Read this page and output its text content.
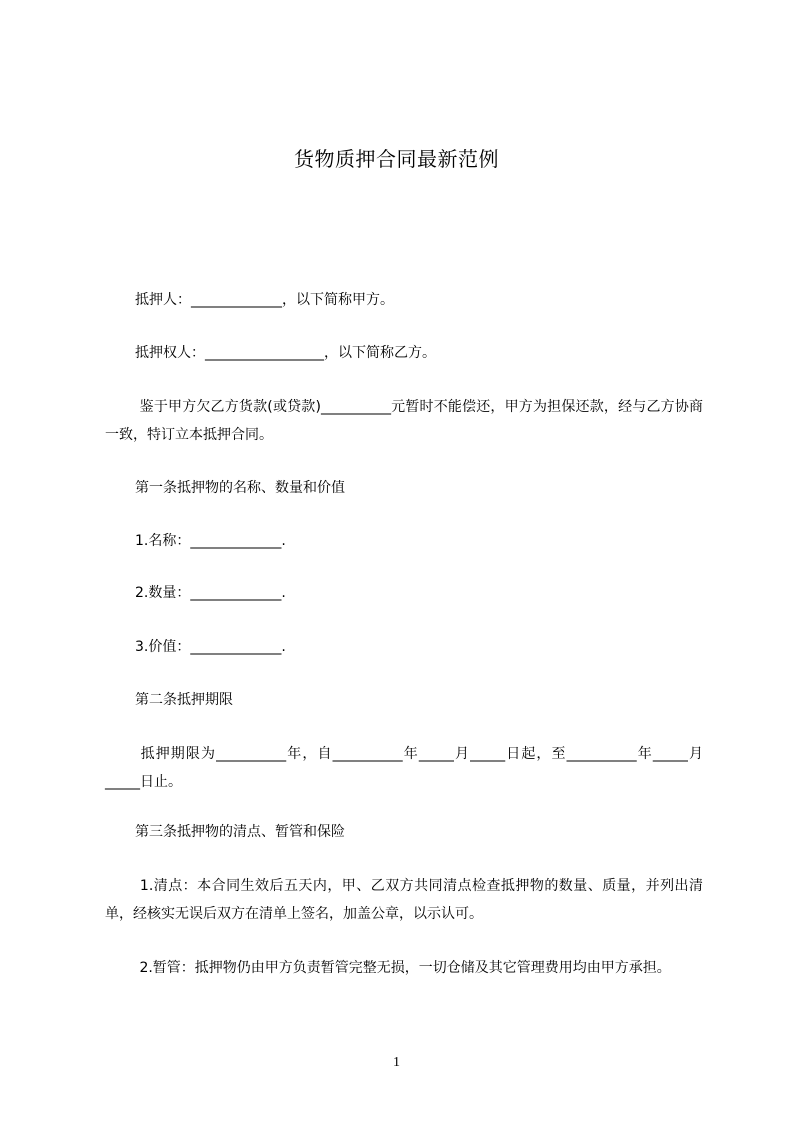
货物质押合同最新范例

抵押人：_____________，以下简称甲方。

抵押权人：_________________，以下简称乙方。

鉴于甲方欠乙方货款(或贷款)__________元暂时不能偿还，甲方为担保还款，经与乙方协商一致，特订立本抵押合同。

第一条抵押物的名称、数量和价值

1.名称：_____________.

2.数量：_____________.

3.价值：_____________.

第二条抵押期限

抵押期限为__________年，自__________年_____月_____日起，至__________年_____月_____日止。

第三条抵押物的清点、暂管和保险

1.清点：本合同生效后五天内，甲、乙双方共同清点检查抵押物的数量、质量，并列出清单，经核实无误后双方在清单上签名，加盖公章，以示认可。

2.暂管：抵押物仍由甲方负责暂管完整无损，一切仓储及其它管理费用均由甲方承担。

1
